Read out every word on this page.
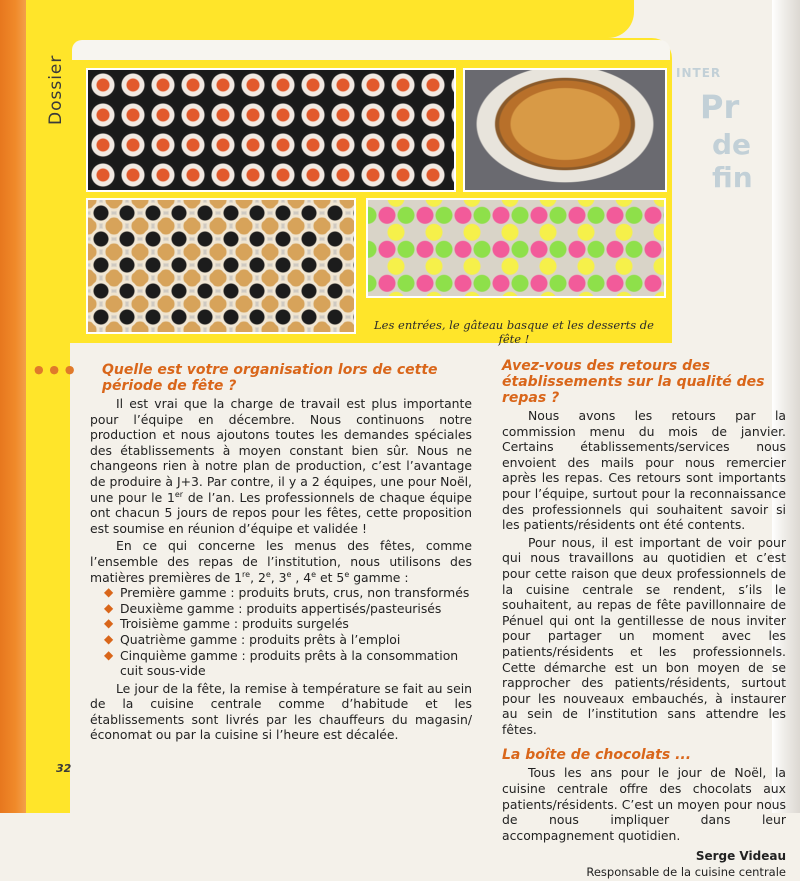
Dossier
Les entrées, le gâteau basque et les desserts de fête !
INTER
Pr
de fin
● ● ● Quelle est votre organisation lors de cette période de fête ?
Il est vrai que la charge de travail est plus importante pour l’équipe en décembre. Nous continuons notre production et nous ajoutons toutes les demandes spéciales des établissements à moyen constant bien sûr. Nous ne changeons rien à notre plan de production, c’est l’avantage de produire à J+3. Par contre, il y a 2 équipes, une pour Noël, une pour le 1er de l’an. Les professionnels de chaque équipe ont chacun 5 jours de repos pour les fêtes, cette proposition est soumise en réunion d’équipe et validée !
En ce qui concerne les menus des fêtes, comme l’ensemble des repas de l’institution, nous utilisons des matières premières de 1re, 2e, 3e , 4e et 5e gamme :
◆ Première gamme : produits bruts, crus, non transformés
◆ Deuxième gamme : produits appertisés/pasteurisés
◆ Troisième gamme : produits surgelés
◆ Quatrième gamme : produits prêts à l’emploi
◆ Cinquième gamme : produits prêts à la consommation cuit sous-vide
Le jour de la fête, la remise à température se fait au sein de la cuisine centrale comme d’habitude et les établissements sont livrés par les chauffeurs du magasin/économat ou par la cuisine si l’heure est décalée.
Avez-vous des retours des établissements sur la qualité des repas ?
Nous avons les retours par la commission menu du mois de janvier. Certains établissements/services nous envoient des mails pour nous remercier après les repas. Ces retours sont importants pour l’équipe, surtout pour la reconnaissance des professionnels qui souhaitent savoir si les patients/résidents ont été contents.
Pour nous, il est important de voir pour qui nous travaillons au quotidien et c’est pour cette raison que deux professionnels de la cuisine centrale se rendent, s’ils le souhaitent, au repas de fête pavillonnaire de Pénuel qui ont la gentillesse de nous inviter pour partager un moment avec les patients/résidents et les professionnels. Cette démarche est un bon moyen de se rapprocher des patients/résidents, surtout pour les nouveaux embauchés, à instaurer au sein de l’institution sans attendre les fêtes.
La boîte de chocolats ...
Tous les ans pour le jour de Noël, la cuisine centrale offre des chocolats aux patients/résidents. C’est un moyen pour nous de nous impliquer dans leur accompagnement quotidien.
Serge Videau
Responsable de la cuisine centrale
32
